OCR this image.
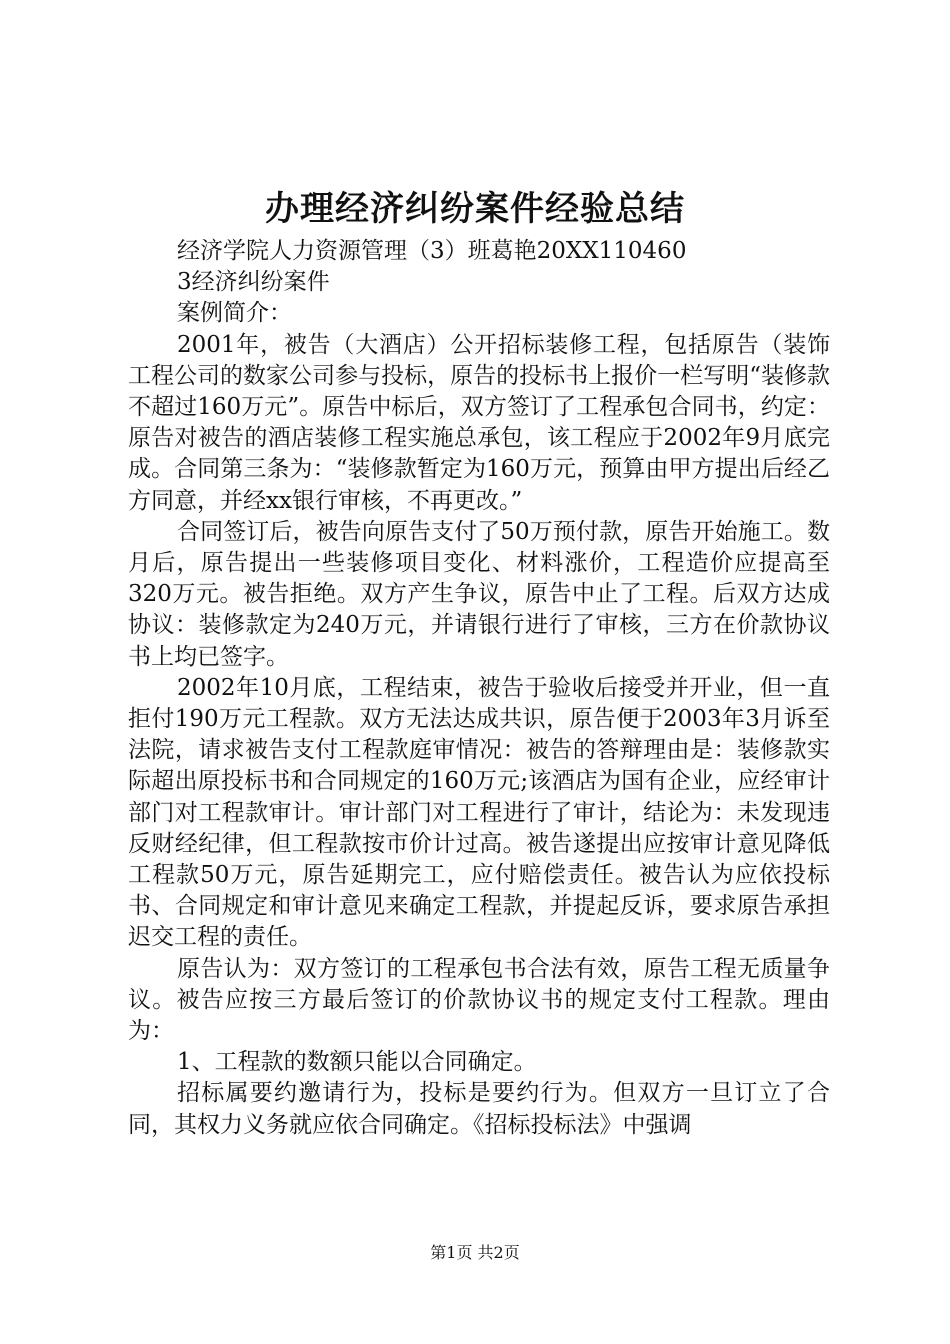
办理经济纠纷案件经验总结

经济学院人力资源管理（3）班葛艳20XX110460

3经济纠纷案件

案例简介：

2001年，被告（大酒店）公开招标装修工程，包括原告（装饰工程公司的数家公司参与投标，原告的投标书上报价一栏写明“装修款不超过160万元”。原告中标后，双方签订了工程承包合同书，约定：原告对被告的酒店装修工程实施总承包，该工程应于2002年9月底完成。合同第三条为：“装修款暂定为160万元，预算由甲方提出后经乙方同意，并经xx银行审核，不再更改。”

合同签订后，被告向原告支付了50万预付款，原告开始施工。数月后，原告提出一些装修项目变化、材料涨价，工程造价应提高至320万元。被告拒绝。双方产生争议，原告中止了工程。后双方达成协议：装修款定为240万元，并请银行进行了审核，三方在价款协议书上均已签字。

2002年10月底，工程结束，被告于验收后接受并开业，但一直拒付190万元工程款。双方无法达成共识，原告便于2003年3月诉至法院，请求被告支付工程款庭审情况：被告的答辩理由是：装修款实际超出原投标书和合同规定的160万元;该酒店为国有企业，应经审计部门对工程款审计。审计部门对工程进行了审计，结论为：未发现违反财经纪律，但工程款按市价计过高。被告遂提出应按审计意见降低工程款50万元，原告延期完工，应付赔偿责任。被告认为应依投标书、合同规定和审计意见来确定工程款，并提起反诉，要求原告承担迟交工程的责任。

原告认为：双方签订的工程承包书合法有效，原告工程无质量争议。被告应按三方最后签订的价款协议书的规定支付工程款。理由为：

1、工程款的数额只能以合同确定。

招标属要约邀请行为，投标是要约行为。但双方一旦订立了合同，其权力义务就应依合同确定。《招标投标法》中强调

第1页 共2页
